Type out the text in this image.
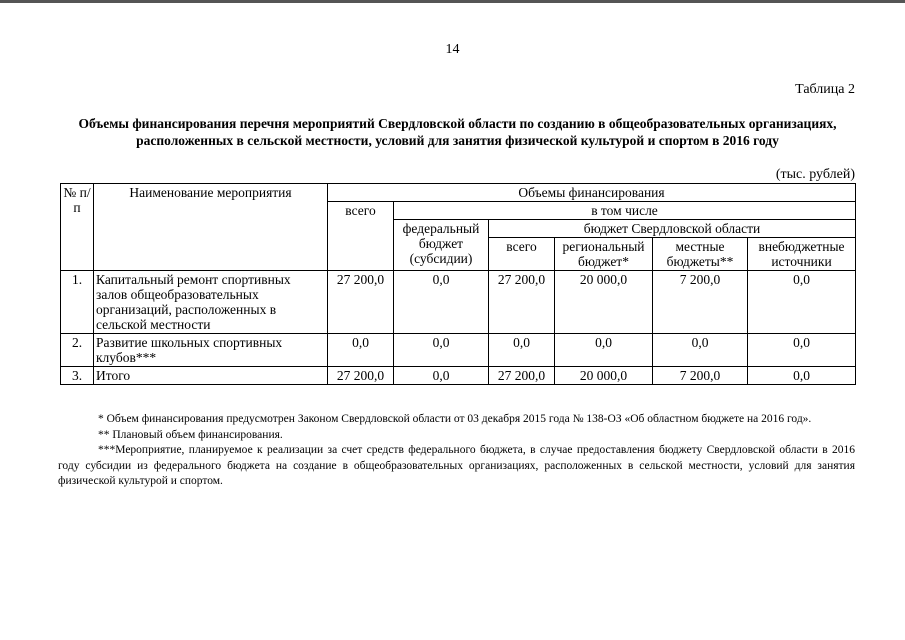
14
Таблица 2
Объемы финансирования перечня мероприятий Свердловской области по созданию в общеобразовательных организациях, расположенных в сельской местности, условий для занятия физической культурой и спортом в 2016 году
(тыс. рублей)
№ п/п	Наименование мероприятия	Объемы финансирования					
		всего	в том числе				
			федеральный бюджет (субсидии)	бюджет Свердловской области			
				всего	региональный бюджет*	местные бюджеты**	внебюджетные источники
1.	Капитальный ремонт спортивных залов общеобразовательных организаций, расположенных в сельской местности	27 200,0	0,0	27 200,0	20 000,0	7 200,0	0,0
2.	Развитие школьных спортивных клубов***	0,0	0,0	0,0	0,0	0,0	0,0
3.	Итого	27 200,0	0,0	27 200,0	20 000,0	7 200,0	0,0

* Объем финансирования предусмотрен Законом Свердловской области от 03 декабря 2015 года № 138-ОЗ «Об областном бюджете на 2016 год».

** Плановый объем финансирования.

***Мероприятие, планируемое к реализации за счет средств федерального бюджета, в случае предоставления бюджету Свердловской области в 2016 году субсидии из федерального бюджета на создание в общеобразовательных организациях, расположенных в сельской местности, условий для занятия физической культурой и спортом.
